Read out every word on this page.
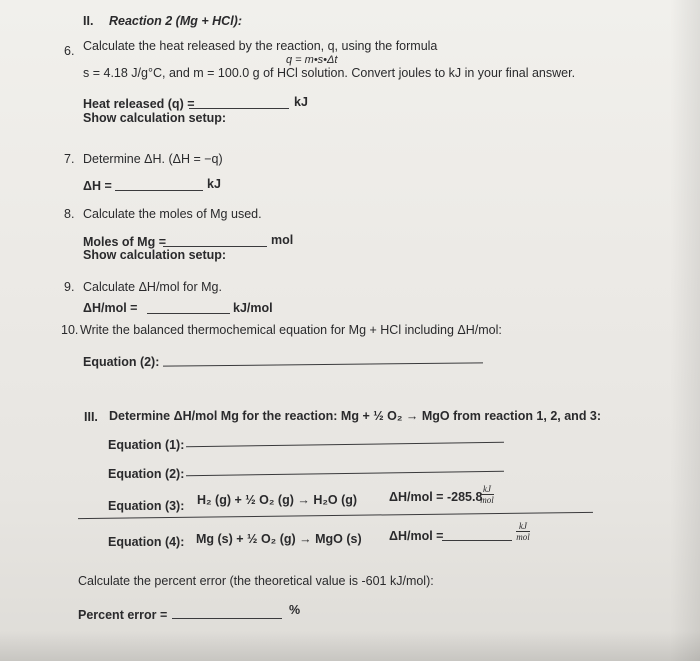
II. Reaction 2 (Mg + HCl):
6. Calculate the heat released by the reaction, q, using the formula
q = m•s•Δt
s = 4.18 J/g°C, and m = 100.0 g of HCl solution. Convert joules to kJ in your final answer.
Heat released (q) =	kJ
Show calculation setup:
7. Determine ΔH. (ΔH = −q)
ΔH =	kJ
8. Calculate the moles of Mg used.
Moles of Mg =	mol
Show calculation setup:
9. Calculate ΔH/mol for Mg.
ΔH/mol =	kJ/mol
10. Write the balanced thermochemical equation for Mg + HCl including ΔH/mol:
Equation (2):
III. Determine ΔH/mol Mg for the reaction: Mg + ½ O₂ → MgO from reaction 1, 2, and 3:
Equation (1):
Equation (2):
Equation (3): H₂ (g) + ½ O₂ (g) → H₂O (g)	ΔH/mol = -285.8
kJ
mol
Equation (4): Mg (s) + ½ O₂ (g) → MgO (s) ΔH/mol =
kJ
mol
Calculate the percent error (the theoretical value is -601 kJ/mol):
Percent error =	%
